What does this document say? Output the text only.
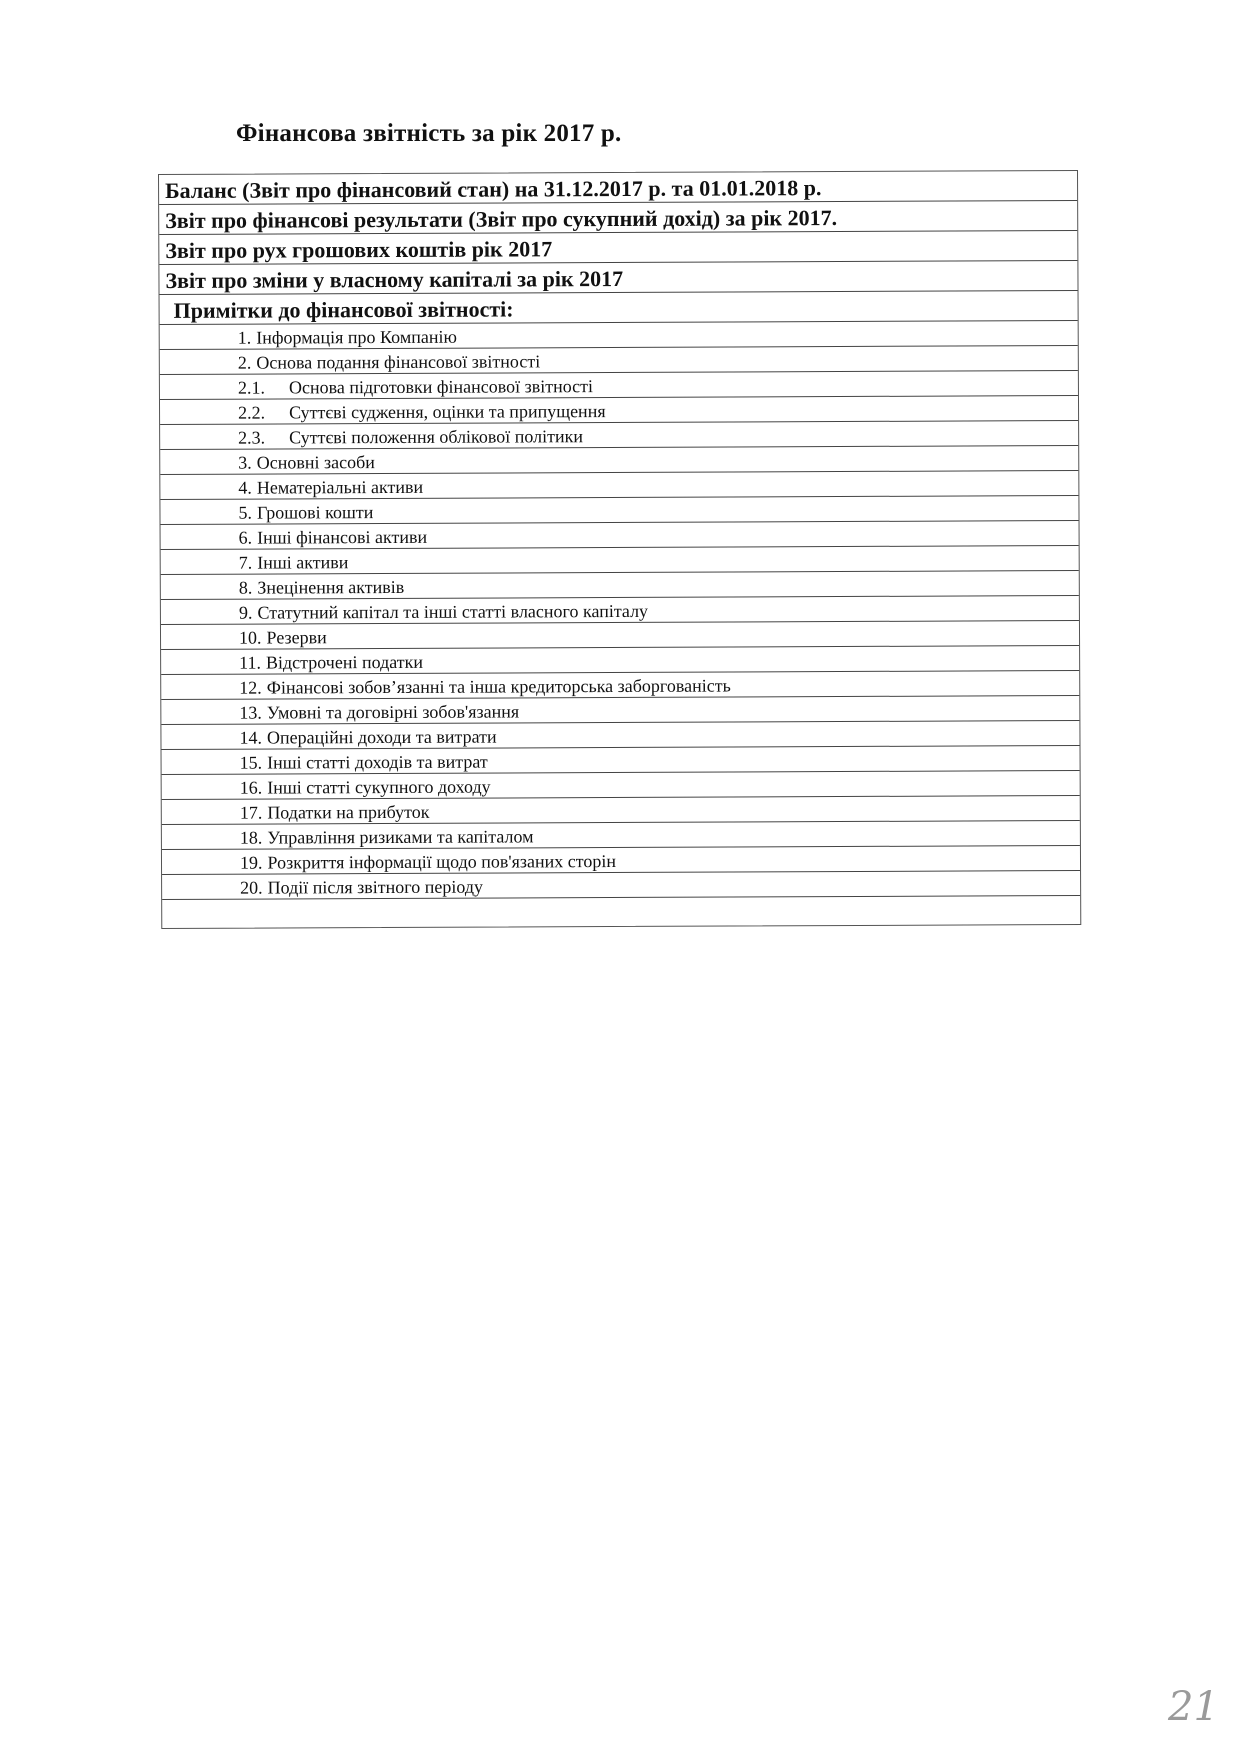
Фінансова звітність за рік 2017 р.
Баланс (Звіт про фінансовий стан) на 31.12.2017 р. та 01.01.2018 р.
Звіт про фінансові результати (Звіт про сукупний дохід) за рік 2017.
Звіт про рух грошових коштів рік 2017
Звіт про зміни у власному капіталі за рік 2017
Примітки до фінансової звітності:
1. Інформація про Компанію
2. Основа подання фінансової звітності
2.1.	Основа підготовки фінансової звітності
2.2.	Суттєві судження, оцінки та припущення
2.3.	Суттєві положення облікової політики
3. Основні засоби
4. Нематеріальні активи
5. Грошові кошти
6. Інші фінансові активи
7. Інші активи
8. Знецінення активів
9. Статутний капітал та інші статті власного капіталу
10. Резерви
11. Відстрочені податки
12. Фінансові зобов’язанні та інша кредиторська заборгованість
13. Умовні та договірні зобов'язання
14. Операційні доходи та витрати
15. Інші статті доходів та витрат
16. Інші статті сукупного доходу
17. Податки на прибуток
18. Управління ризиками та капіталом
19. Розкриття інформації щодо пов'язаних сторін
20. Події після звітного періоду
21
